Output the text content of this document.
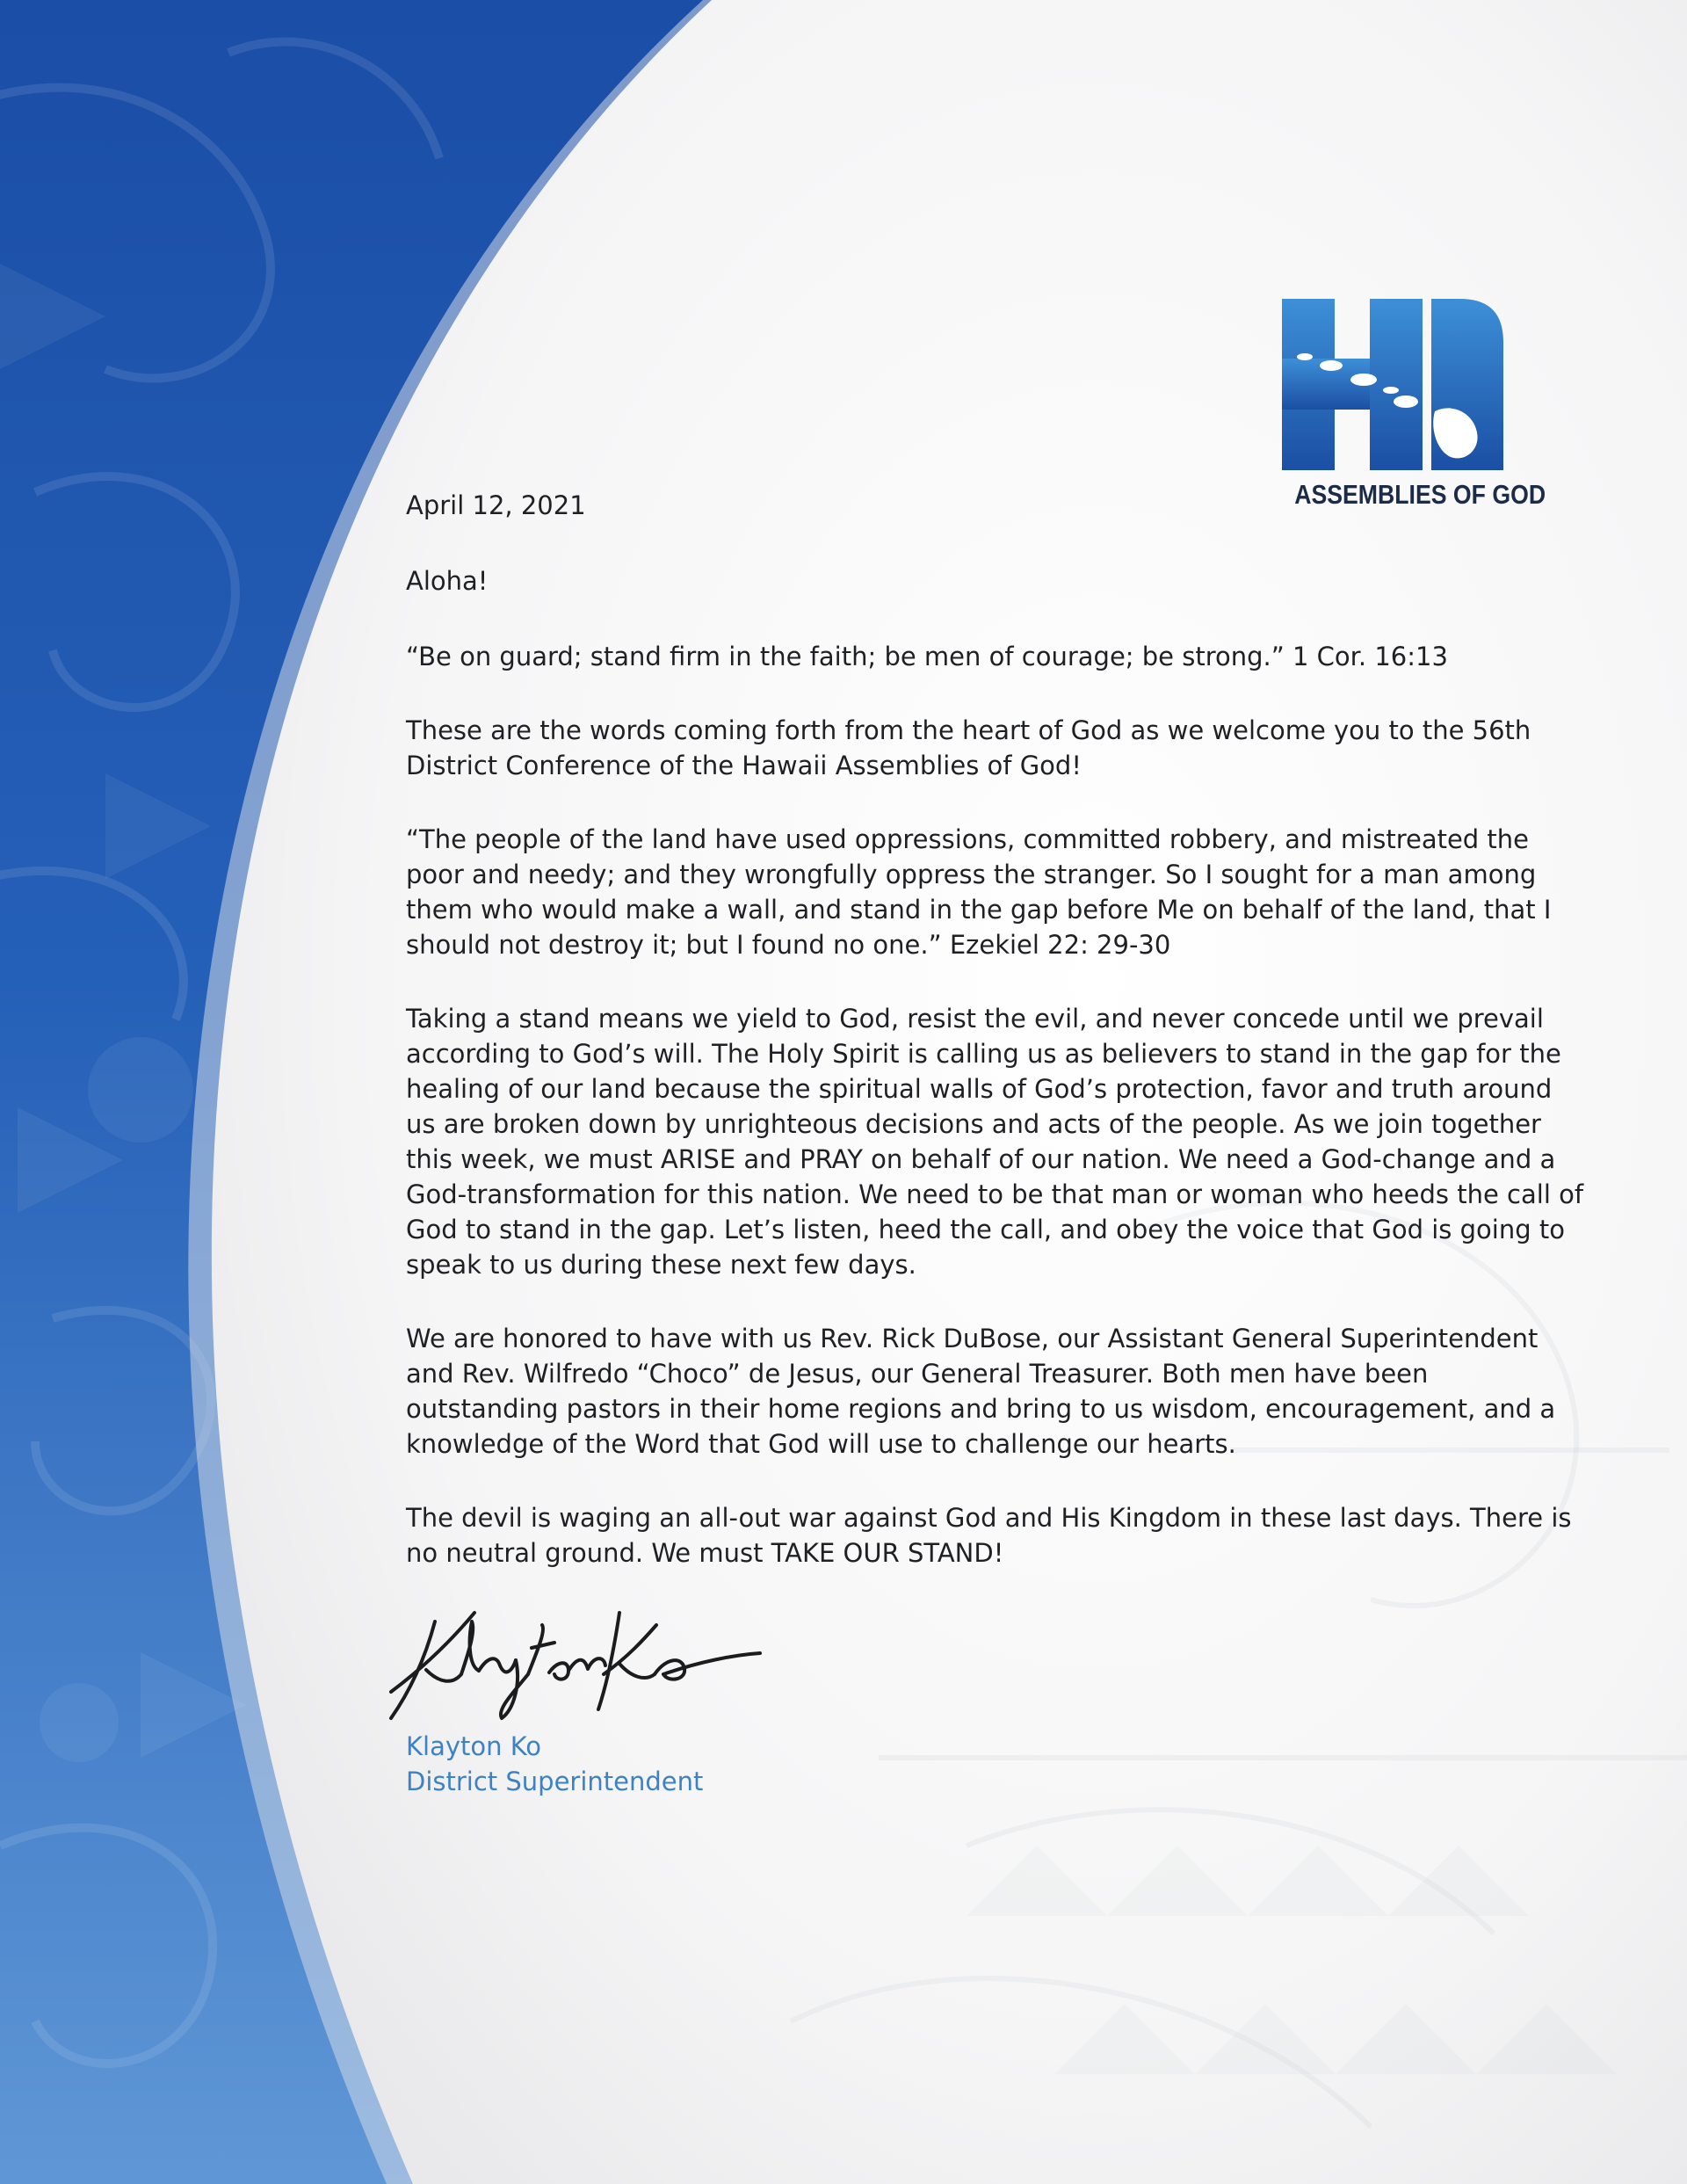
ASSEMBLIES OF GOD

April 12, 2021

Aloha!

“Be on guard; stand firm in the faith; be men of courage; be strong.” 1 Cor. 16:13

These are the words coming forth from the heart of God as we welcome you to the 56th District Conference of the Hawaii Assemblies of God!

“The people of the land have used oppressions, committed robbery, and mistreated the poor and needy; and they wrongfully oppress the stranger. So I sought for a man among them who would make a wall, and stand in the gap before Me on behalf of the land, that I should not destroy it; but I found no one.” Ezekiel 22: 29-30

Taking a stand means we yield to God, resist the evil, and never concede until we prevail according to God’s will. The Holy Spirit is calling us as believers to stand in the gap for the healing of our land because the spiritual walls of God’s protection, favor and truth around us are broken down by unrighteous decisions and acts of the people. As we join together this week, we must ARISE and PRAY on behalf of our nation. We need a God-change and a God-transformation for this nation. We need to be that man or woman who heeds the call of God to stand in the gap. Let’s listen, heed the call, and obey the voice that God is going to speak to us during these next few days.

We are honored to have with us Rev. Rick DuBose, our Assistant General Superintendent and Rev. Wilfredo “Choco” de Jesus, our General Treasurer. Both men have been outstanding pastors in their home regions and bring to us wisdom, encouragement, and a knowledge of the Word that God will use to challenge our hearts.

The devil is waging an all-out war against God and His Kingdom in these last days. There is no neutral ground. We must TAKE OUR STAND!

Klayton Ko
District Superintendent
